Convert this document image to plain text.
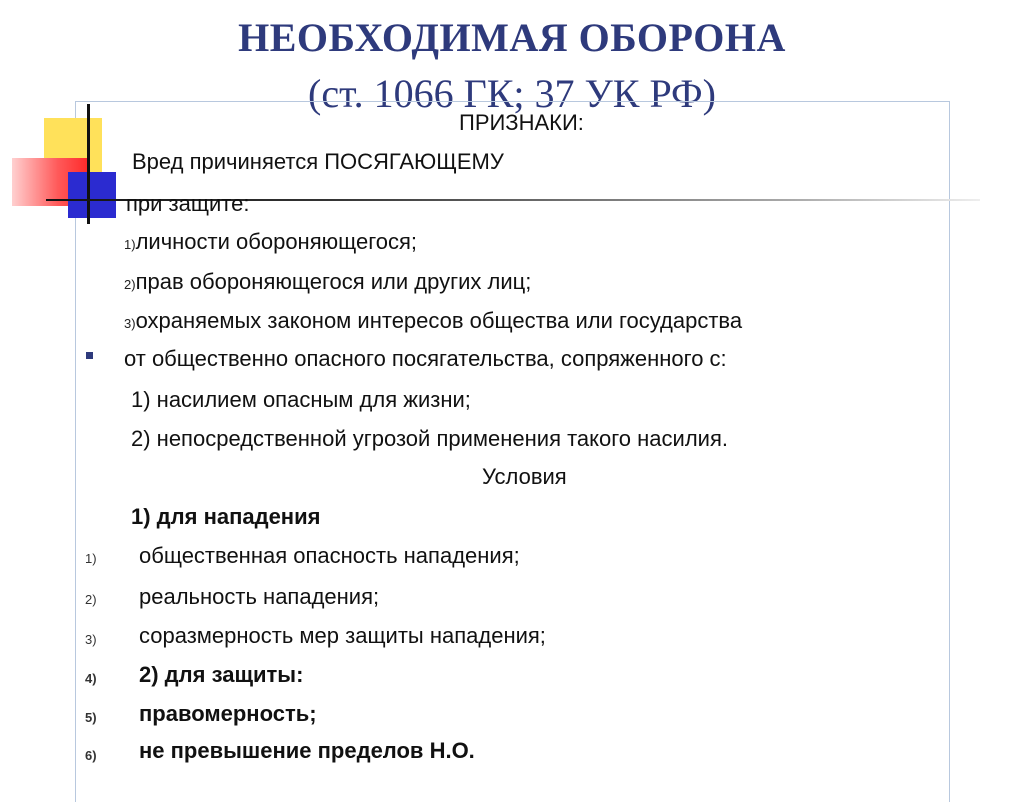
НЕОБХОДИМАЯ ОБОРОНА
(ст. 1066 ГК; 37 УК РФ)
ПРИЗНАКИ:
Вред причиняется ПОСЯГАЮЩЕМУ
при защите:
1)личности обороняющегося;
2)прав обороняющегося или других лиц;
3)охраняемых законом интересов общества или государства
от общественно опасного посягательства, сопряженного с:
1) насилием опасным для жизни;
2) непосредственной угрозой применения такого насилия.
Условия
1) для нападения
1) общественная опасность нападения;
2) реальность нападения;
3) соразмерность мер защиты нападения;
4) 2) для защиты:
5) правомерность;
6) не превышение пределов Н.О.
